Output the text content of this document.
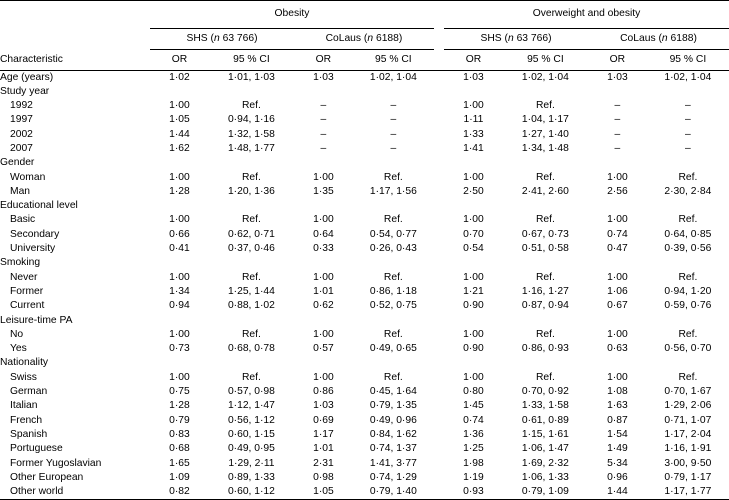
	Obesity					Overweight and obesity			
	SHS (n 63 766)		CoLaus (n 6188)			SHS (n 63 766)		CoLaus (n 6188)	
Characteristic	OR	95 % CI	OR	95 % CI		OR	95 % CI	OR	95 % CI
Age (years)	1·02	1·01, 1·03	1·03	1·02, 1·04		1·03	1·02, 1·04	1·03	1·02, 1·04
Study year									
1992	1·00	Ref.	–	–		1·00	Ref.	–	–
1997	1·05	0·94, 1·16	–	–		1·11	1·04, 1·17	–	–
2002	1·44	1·32, 1·58	–	–		1·33	1·27, 1·40	–	–
2007	1·62	1·48, 1·77	–	–		1·41	1·34, 1·48	–	–
Gender									
Woman	1·00	Ref.	1·00	Ref.		1·00	Ref.	1·00	Ref.
Man	1·28	1·20, 1·36	1·35	1·17, 1·56		2·50	2·41, 2·60	2·56	2·30, 2·84
Educational level									
Basic	1·00	Ref.	1·00	Ref.		1·00	Ref.	1·00	Ref.
Secondary	0·66	0·62, 0·71	0·64	0·54, 0·77		0·70	0·67, 0·73	0·74	0·64, 0·85
University	0·41	0·37, 0·46	0·33	0·26, 0·43		0·54	0·51, 0·58	0·47	0·39, 0·56
Smoking									
Never	1·00	Ref.	1·00	Ref.		1·00	Ref.	1·00	Ref.
Former	1·34	1·25, 1·44	1·01	0·86, 1·18		1·21	1·16, 1·27	1·06	0·94, 1·20
Current	0·94	0·88, 1·02	0·62	0·52, 0·75		0·90	0·87, 0·94	0·67	0·59, 0·76
Leisure-time PA									
No	1·00	Ref.	1·00	Ref.		1·00	Ref.	1·00	Ref.
Yes	0·73	0·68, 0·78	0·57	0·49, 0·65		0·90	0·86, 0·93	0·63	0·56, 0·70
Nationality									
Swiss	1·00	Ref.	1·00	Ref.		1·00	Ref.	1·00	Ref.
German	0·75	0·57, 0·98	0·86	0·45, 1·64		0·80	0·70, 0·92	1·08	0·70, 1·67
Italian	1·28	1·12, 1·47	1·03	0·79, 1·35		1·45	1·33, 1·58	1·63	1·29, 2·06
French	0·79	0·56, 1·12	0·69	0·49, 0·96		0·74	0·61, 0·89	0·87	0·71, 1·07
Spanish	0·83	0·60, 1·15	1·17	0·84, 1·62		1·36	1·15, 1·61	1·54	1·17, 2·04
Portuguese	0·68	0·49, 0·95	1·01	0·74, 1·37		1·25	1·06, 1·47	1·49	1·16, 1·91
Former Yugoslavian	1·65	1·29, 2·11	2·31	1·41, 3·77		1·98	1·69, 2·32	5·34	3·00, 9·50
Other European	1·09	0·89, 1·33	0·98	0·74, 1·29		1·19	1·06, 1·33	0·96	0·79, 1·17
Other world	0·82	0·60, 1·12	1·05	0·79, 1·40		0·93	0·79, 1·09	1·44	1·17, 1·77
